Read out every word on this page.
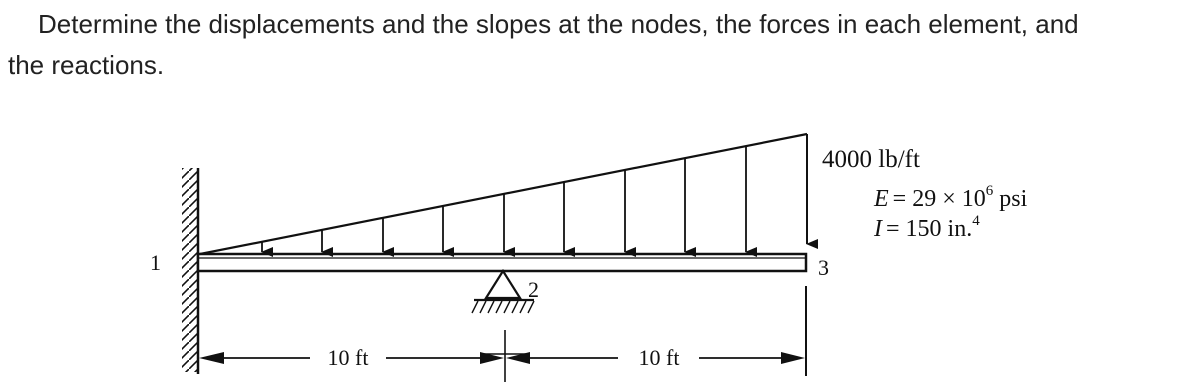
Determine the displacements and the slopes at the nodes, the forces in each element, and
the reactions.
4000 lb/ft
1
2
3
10 ft	10 ft
$E = 29 \times 10^6$ psi
I = 150 in.$^4$
